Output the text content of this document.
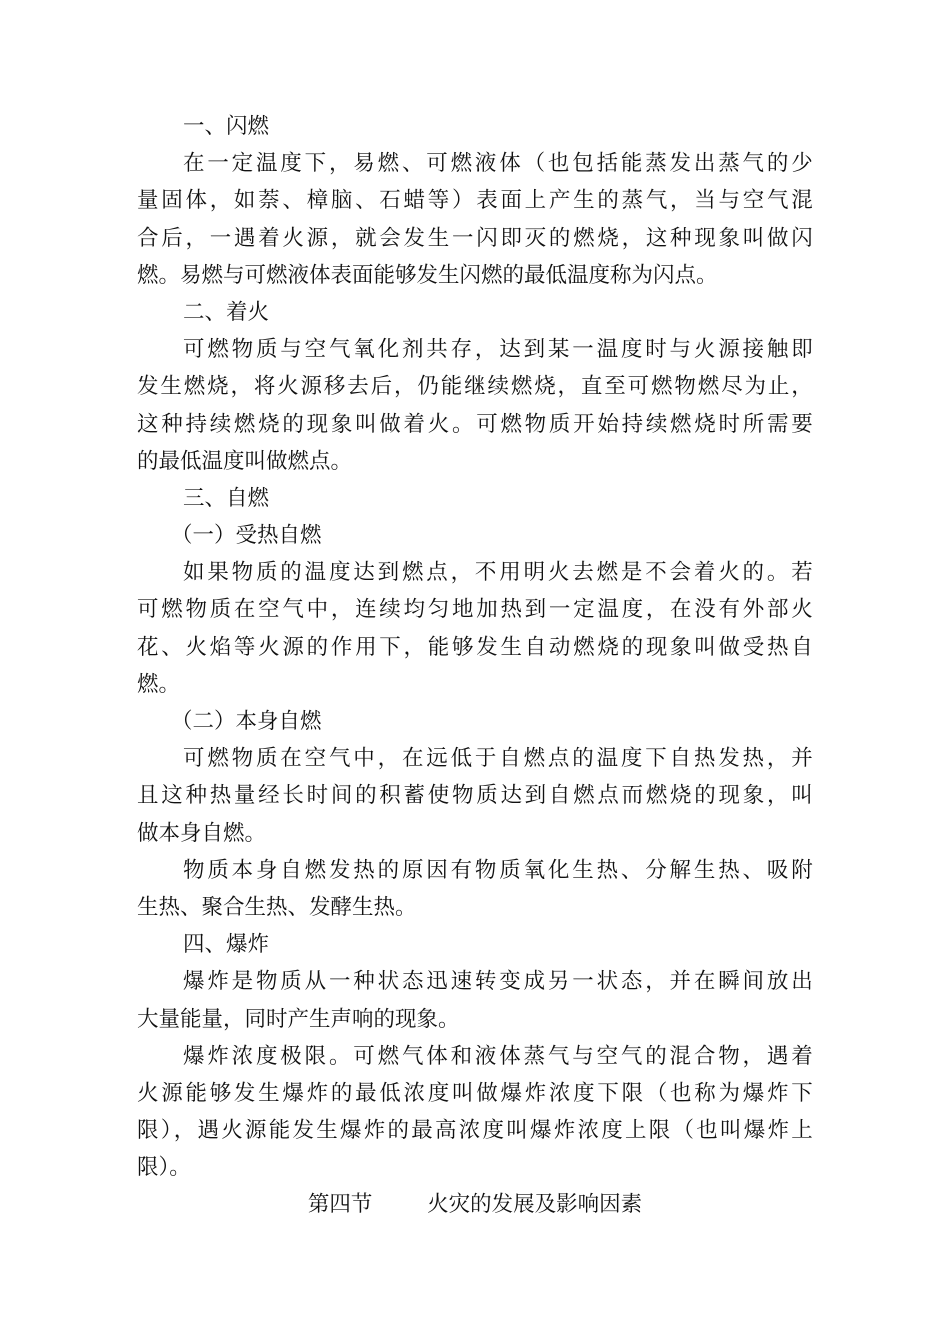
一、闪燃
在一定温度下，易燃、可燃液体（也包括能蒸发出蒸气的少
量固体，如萘、樟脑、石蜡等）表面上产生的蒸气，当与空气混
合后，一遇着火源，就会发生一闪即灭的燃烧，这种现象叫做闪
燃。易燃与可燃液体表面能够发生闪燃的最低温度称为闪点。
二、着火
可燃物质与空气氧化剂共存，达到某一温度时与火源接触即
发生燃烧，将火源移去后，仍能继续燃烧，直至可燃物燃尽为止，
这种持续燃烧的现象叫做着火。可燃物质开始持续燃烧时所需要
的最低温度叫做燃点。
三、自燃
（一）受热自燃
如果物质的温度达到燃点，不用明火去燃是不会着火的。若
可燃物质在空气中，连续均匀地加热到一定温度，在没有外部火
花、火焰等火源的作用下，能够发生自动燃烧的现象叫做受热自
燃。
（二）本身自燃
可燃物质在空气中，在远低于自燃点的温度下自热发热，并
且这种热量经长时间的积蓄使物质达到自燃点而燃烧的现象，叫
做本身自燃。
物质本身自燃发热的原因有物质氧化生热、分解生热、吸附
生热、聚合生热、发酵生热。
四、爆炸
爆炸是物质从一种状态迅速转变成另一状态，并在瞬间放出
大量能量，同时产生声响的现象。
爆炸浓度极限。可燃气体和液体蒸气与空气的混合物，遇着
火源能够发生爆炸的最低浓度叫做爆炸浓度下限（也称为爆炸下
限），遇火源能发生爆炸的最高浓度叫爆炸浓度上限（也叫爆炸上
限）。
第四节	火灾的发展及影响因素
